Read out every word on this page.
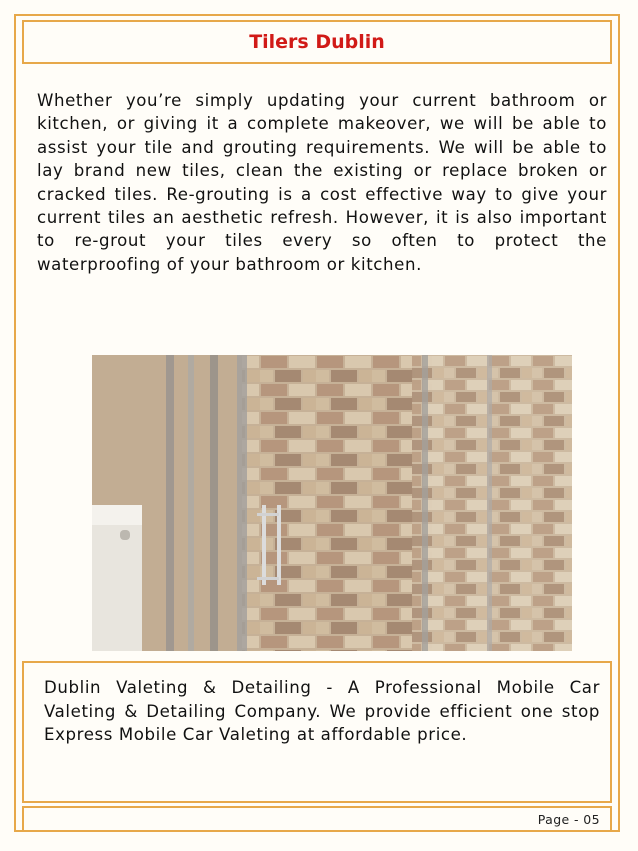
Tilers Dublin

Whether you’re simply updating your current bathroom or kitchen, or giving it a complete makeover, we will be able to assist your tile and grouting requirements. We will be able to lay brand new tiles, clean the existing or replace broken or cracked tiles. Re-grouting is a cost effective way to give your current tiles an aesthetic refresh. However, it is also important to re-grout your tiles every so often to protect the waterproofing of your bathroom or kitchen.

Dublin Valeting & Detailing - A Professional Mobile Car Valeting & Detailing Company. We provide efficient one stop Express Mobile Car Valeting at affordable price.

Page - 05
